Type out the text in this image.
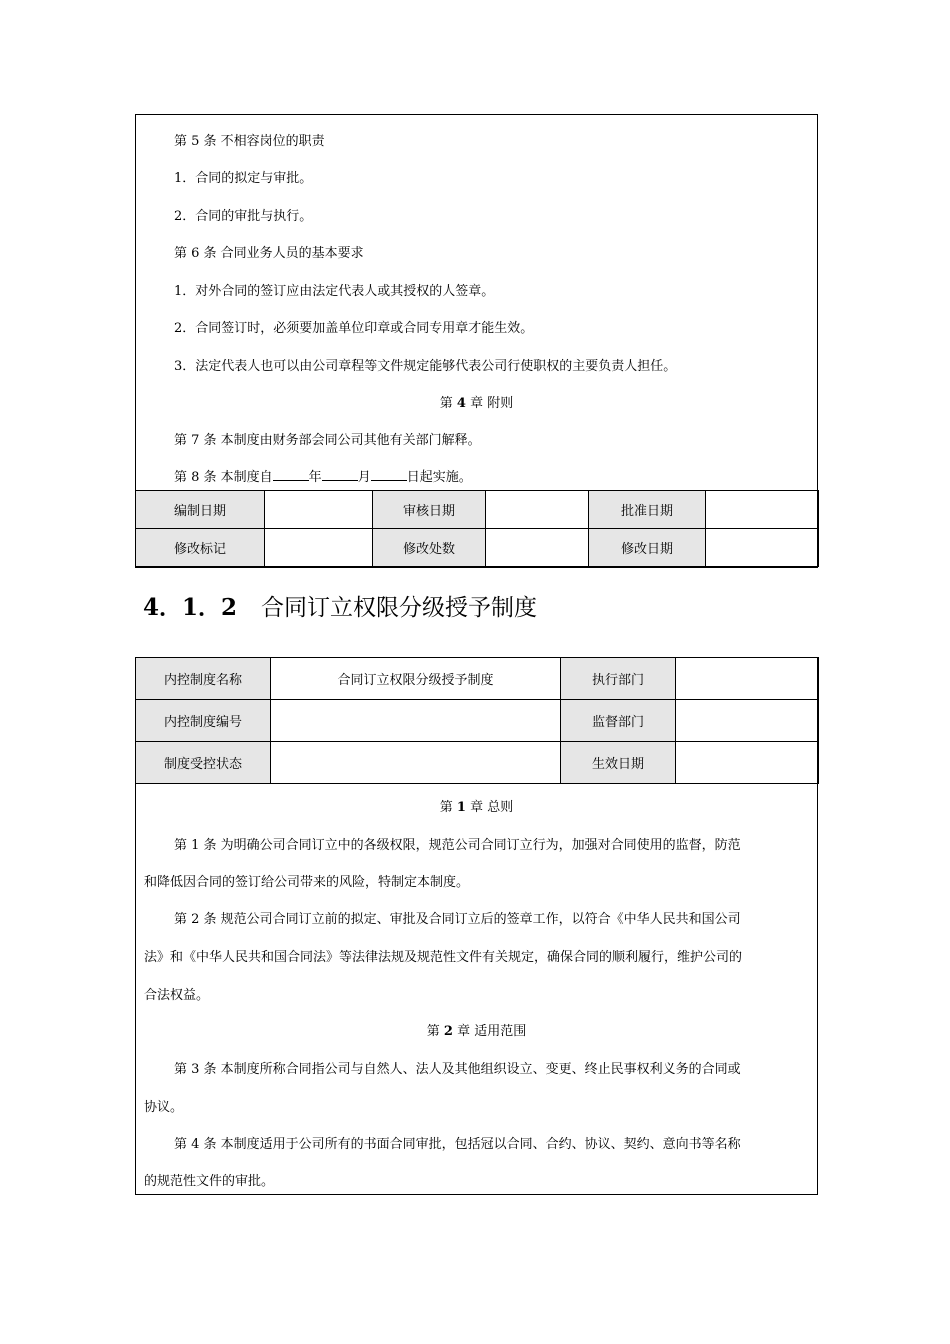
第 5 条 不相容岗位的职责
1．合同的拟定与审批。
2．合同的审批与执行。
第 6 条 合同业务人员的基本要求
1．对外合同的签订应由法定代表人或其授权的人签章。
2．合同签订时，必须要加盖单位印章或合同专用章才能生效。
3．法定代表人也可以由公司章程等文件规定能够代表公司行使职权的主要负责人担任。
第 4 章 附则
第 7 条 本制度由财务部会同公司其他有关部门解释。
第 8 条 本制度自	年	月	日起实施。
编制日期		审核日期		批准日期	
修改标记		修改处数		修改日期	
4．1．2 合同订立权限分级授予制度
内控制度名称	合同订立权限分级授予制度	执行部门	
内控制度编号		监督部门	
制度受控状态		生效日期	
第 1 章 总则
第 1 条 为明确公司合同订立中的各级权限，规范公司合同订立行为，加强对合同使用的监督，防范
和降低因合同的签订给公司带来的风险，特制定本制度。
第 2 条 规范公司合同订立前的拟定、审批及合同订立后的签章工作，以符合《中华人民共和国公司
法》和《中华人民共和国合同法》等法律法规及规范性文件有关规定，确保合同的顺利履行，维护公司的
合法权益。
第 2 章 适用范围
第 3 条 本制度所称合同指公司与自然人、法人及其他组织设立、变更、终止民事权利义务的合同或
协议。
第 4 条 本制度适用于公司所有的书面合同审批，包括冠以合同、合约、协议、契约、意向书等名称
的规范性文件的审批。
